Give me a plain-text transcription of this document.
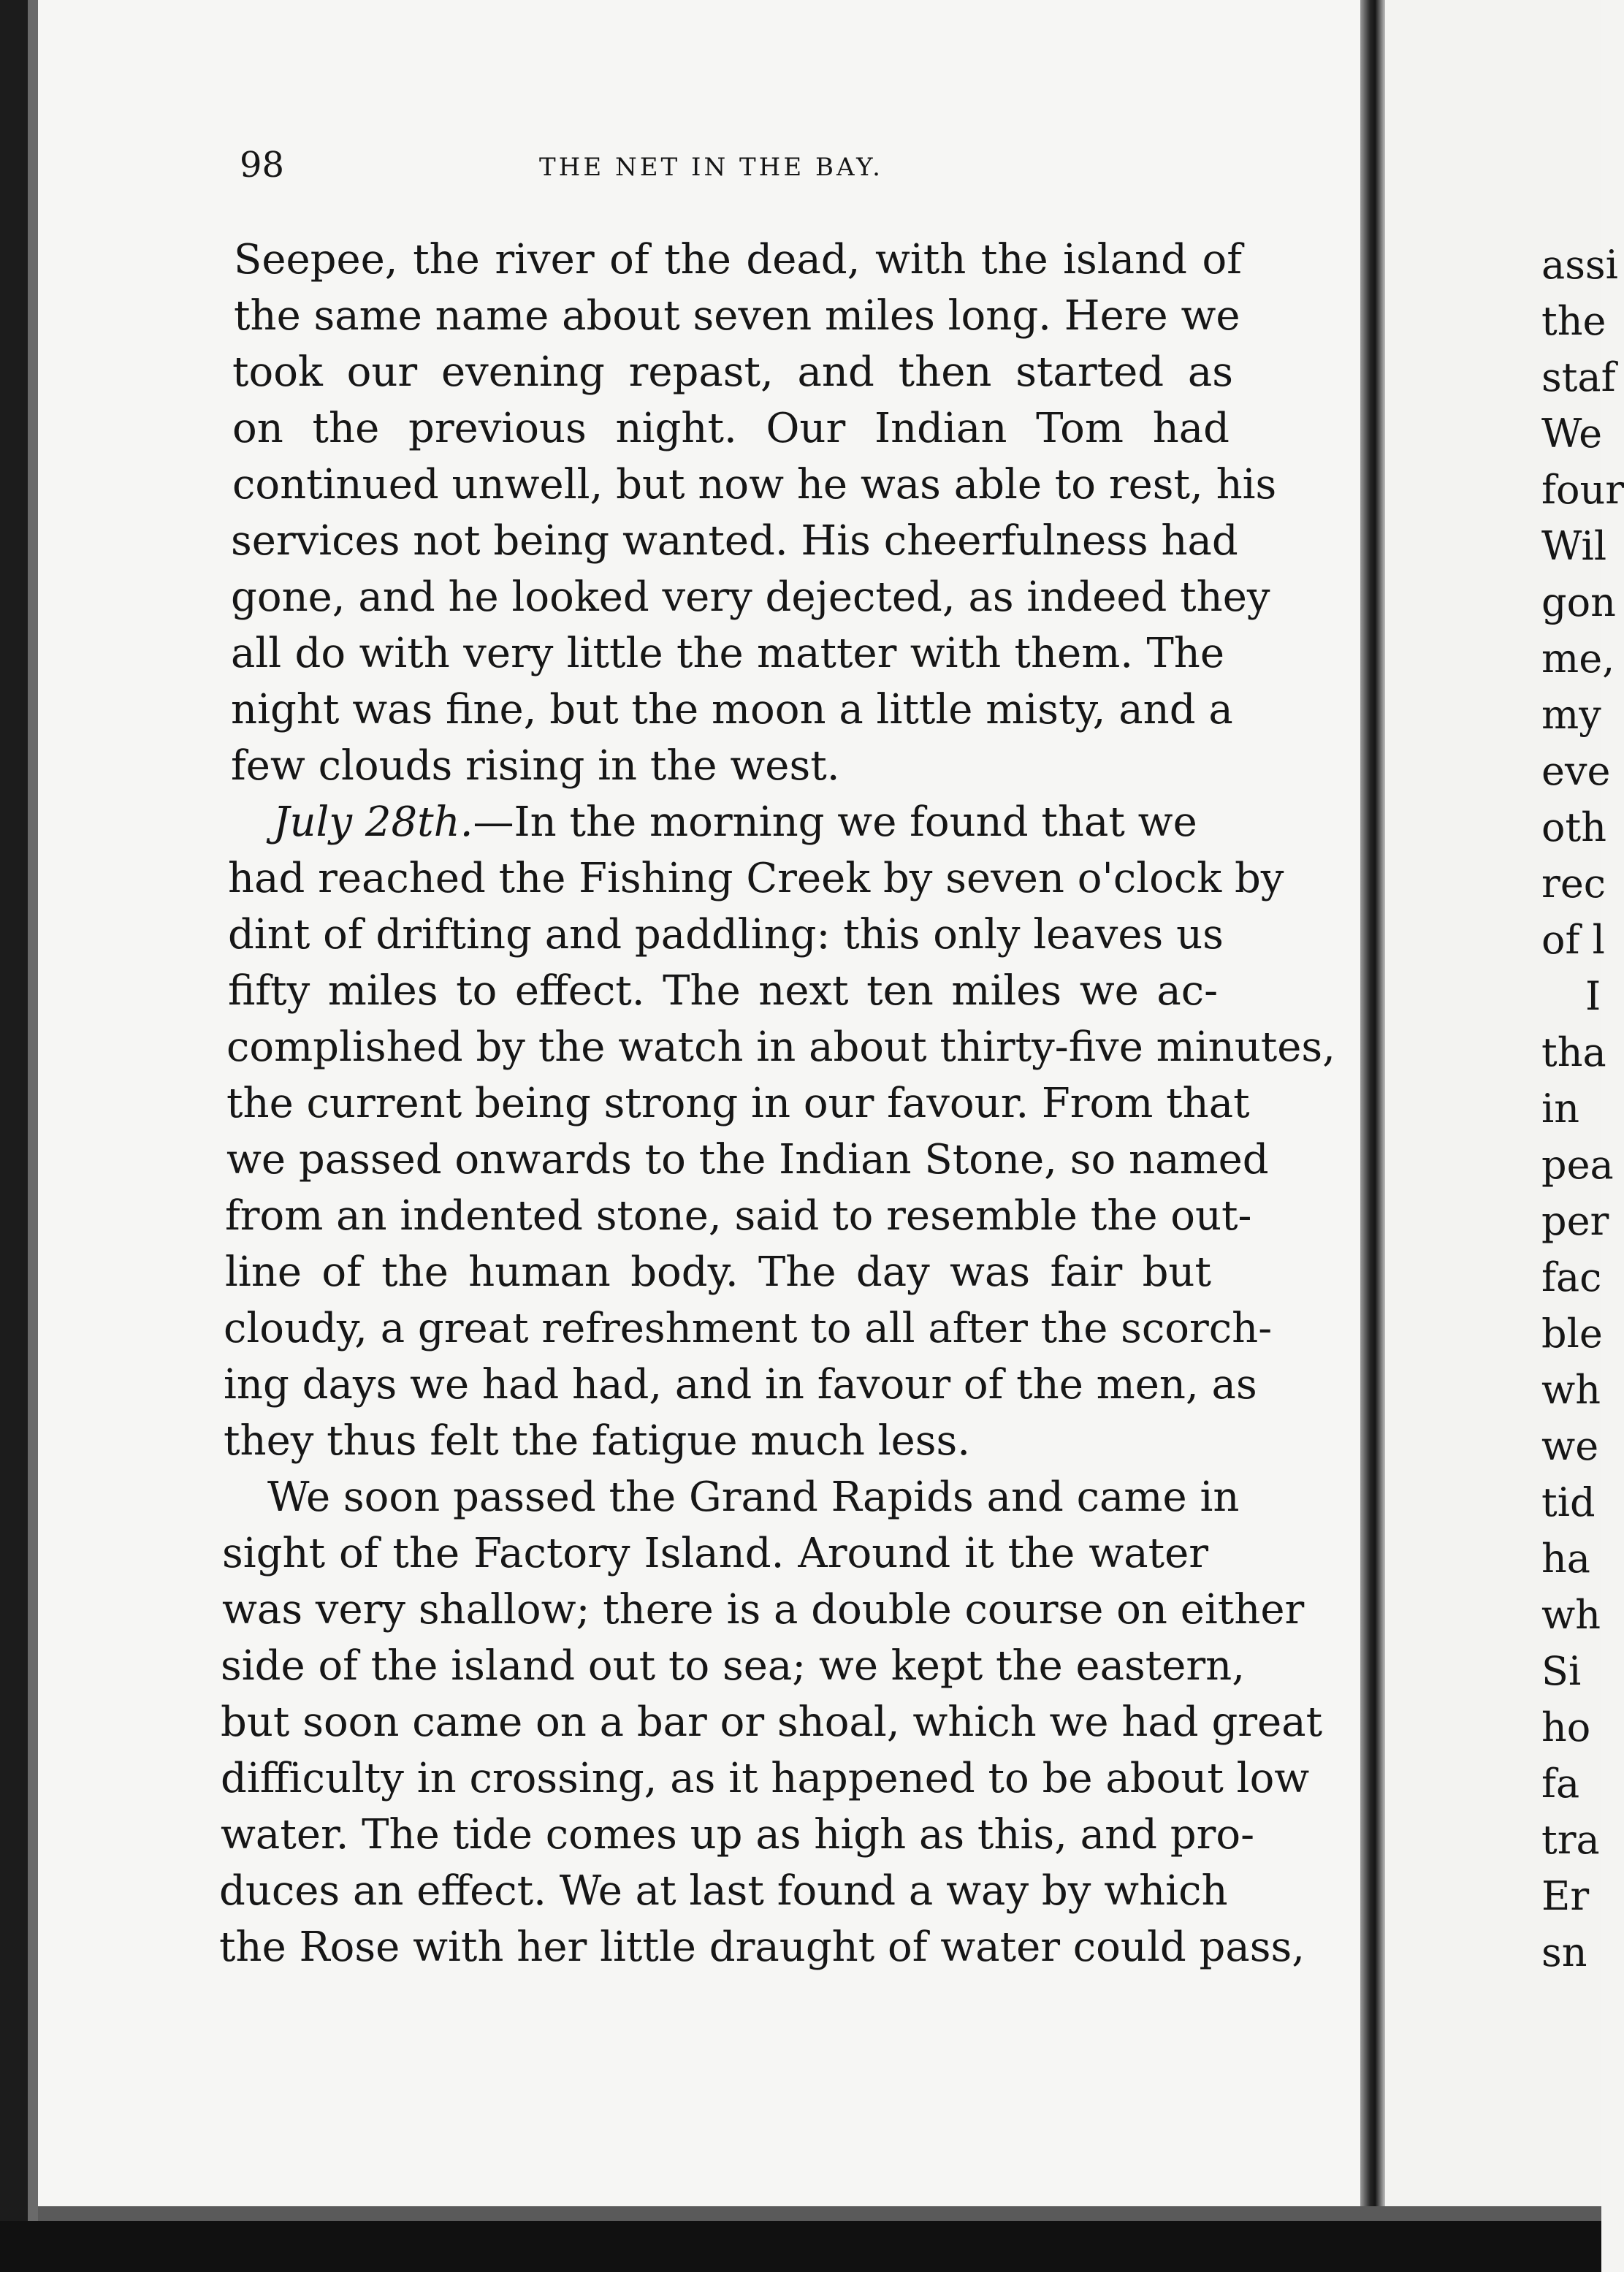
98	THE NET IN THE BAY.
Seepee, the river of the dead, with the island of
the same name about seven miles long. Here we
took our evening repast, and then started as
on the previous night. Our Indian Tom had
continued unwell, but now he was able to rest, his
services not being wanted. His cheerfulness had
gone, and he looked very dejected, as indeed they
all do with very little the matter with them. The
night was fine, but the moon a little misty, and a
few clouds rising in the west.
July 28th.—In the morning we found that we
had reached the Fishing Creek by seven o'clock by
dint of drifting and paddling: this only leaves us
fifty miles to effect. The next ten miles we ac-
complished by the watch in about thirty-five minutes,
the current being strong in our favour. From that
we passed onwards to the Indian Stone, so named
from an indented stone, said to resemble the out-
line of the human body. The day was fair but
cloudy, a great refreshment to all after the scorch-
ing days we had had, and in favour of the men, as
they thus felt the fatigue much less.
We soon passed the Grand Rapids and came in
sight of the Factory Island. Around it the water
was very shallow; there is a double course on either
side of the island out to sea; we kept the eastern,
but soon came on a bar or shoal, which we had great
difficulty in crossing, as it happened to be about low
water. The tide comes up as high as this, and pro-
duces an effect. We at last found a way by which
the Rose with her little draught of water could pass,
assi
the
staf
We
four
Wil
gon
me,
my
eve
oth
rec
of l
I
tha
in
pea
per
fac
ble
wh
we
tid
ha
wh
Si
ho
fa
tra
Er
sn
